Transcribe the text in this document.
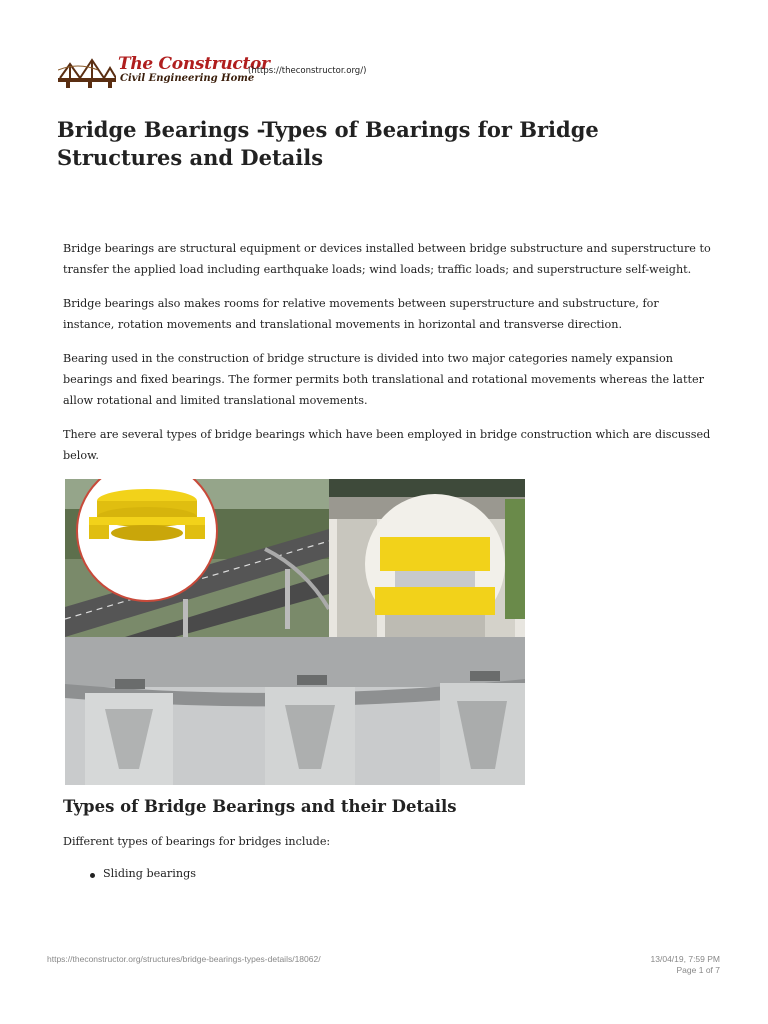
The Constructor
Civil Engineering Home
(https://theconstructor.org/)
Bridge Bearings -Types of Bearings for Bridge Structures and Details

Bridge bearings are structural equipment or devices installed between bridge substructure and superstructure to transfer the applied load including earthquake loads; wind loads; traffic loads; and superstructure self-weight.

Bridge bearings also makes rooms for relative movements between superstructure and substructure, for instance, rotation movements and translational movements in horizontal and transverse direction.

Bearing used in the construction of bridge structure is divided into two major categories namely expansion bearings and fixed bearings. The former permits both translational and rotational movements whereas the latter allow rotational and limited translational movements.

There are several types of bridge bearings which have been employed in bridge construction which are discussed below.

Types of Bridge Bearings and their Details

Different types of bearings for bridges include:

Sliding bearings
https://theconstructor.org/structures/bridge-bearings-types-details/18062/	13/04/19, 7:59 PM
Page 1 of 7
